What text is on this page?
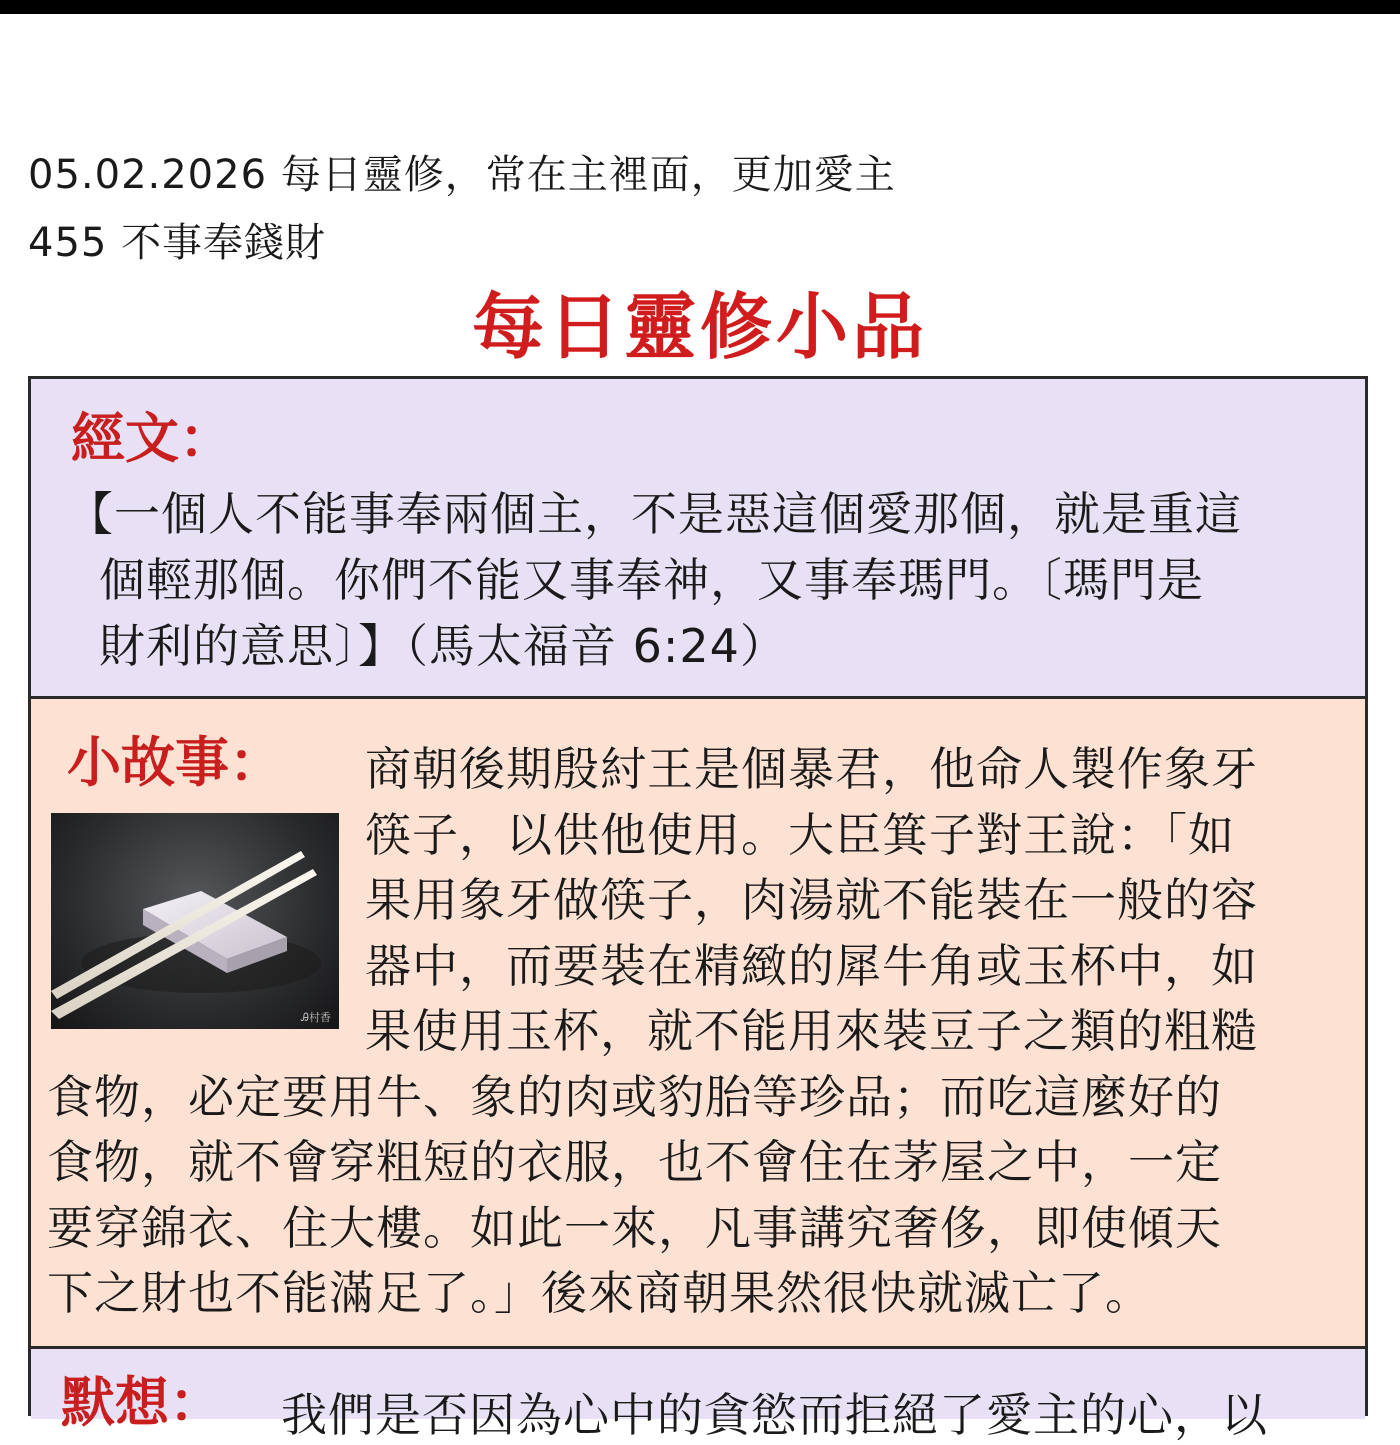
05.02.2026 每日靈修，常在主裡面，更加愛主
455 不事奉錢財
每日靈修小品
經文：
【一個人不能事奉兩個主，不是惡這個愛那個，就是重這
個輕那個。你們不能又事奉神，又事奉瑪門。〔瑪門是
財利的意思〕】（馬太福音 6:24）
小故事：
Ꭿ村香
商朝後期殷紂王是個暴君，他命人製作象牙
筷子，以供他使用。大臣箕子對王說：「如
果用象牙做筷子，肉湯就不能裝在一般的容
器中，而要裝在精緻的犀牛角或玉杯中，如
果使用玉杯，就不能用來裝豆子之類的粗糙
食物，必定要用牛、象的肉或豹胎等珍品；而吃這麼好的
食物，就不會穿粗短的衣服，也不會住在茅屋之中，一定
要穿錦衣、住大樓。如此一來，凡事講究奢侈，即使傾天
下之財也不能滿足了。」後來商朝果然很快就滅亡了。
默想： 我們是否因為心中的貪慾而拒絕了愛主的心，以
